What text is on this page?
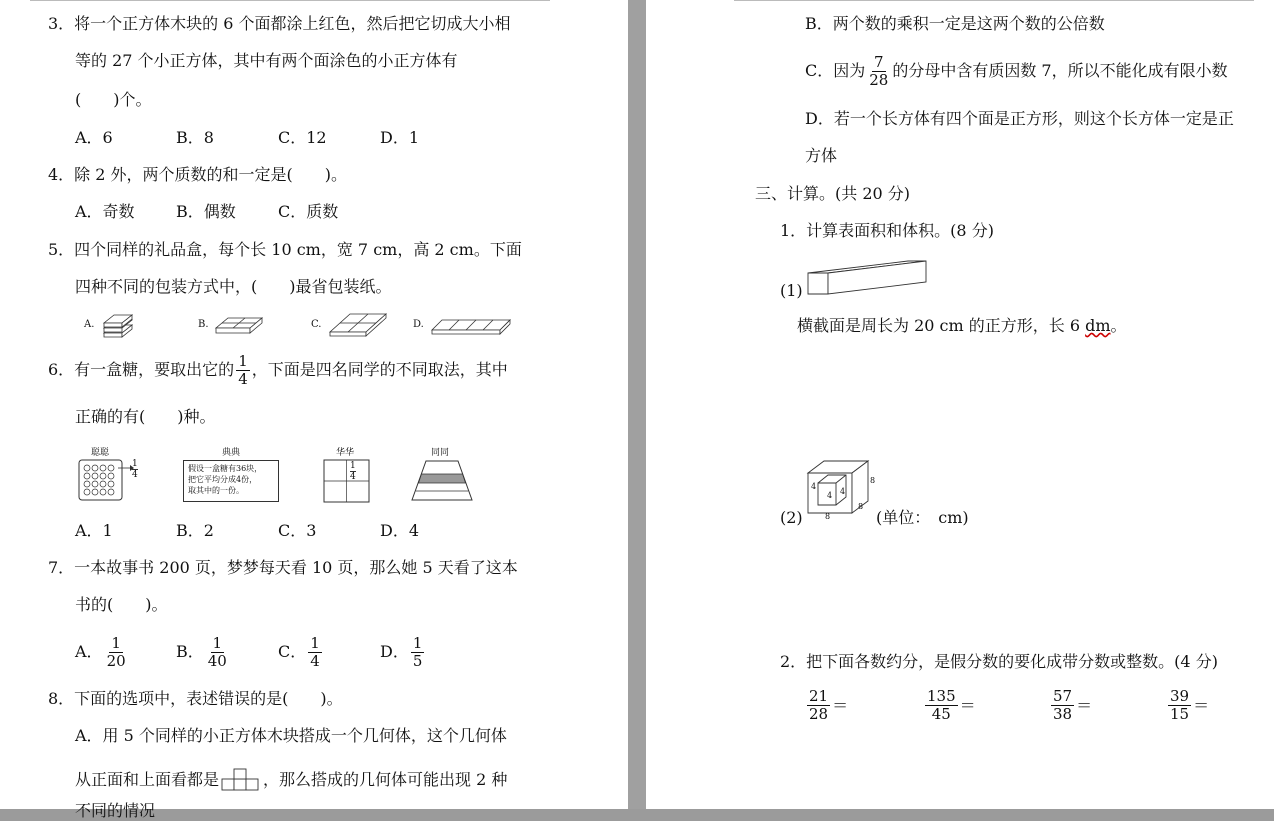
3．将一个正方体木块的 6 个面都涂上红色，然后把它切成大小相
等的 27 个小正方体，其中有两个面涂色的小正方体有
(　　)个。
A．6	B．8	C．12	D．1
4．除 2 外，两个质数的和一定是(　　)。
A．奇数	B．偶数	C．质数
5．四个同样的礼品盒，每个长 10 cm，宽 7 cm，高 2 cm。下面
四种不同的包装方式中，(　　)最省包装纸。
A.	B.	C.	D.
6．有一盒糖，要取出它的 $\frac{1}{4}$ ，下面是四名同学的不同取法，其中
正确的有(　　)种。
聪聪
$\frac{1}{4}$
典典
假设一盒糖有36块，
把它平均分成4份，
取其中的一份。
华华
$\frac{1}{4}$
同同
A．1	B．2	C．3	D．4
7．一本故事书 200 页，梦梦每天看 10 页，那么她 5 天看了这本
书的(　　)。
A． $\frac{1}{20}$	B． $\frac{1}{40}$	C． $\frac{1}{4}$	D． $\frac{1}{5}$
8．下面的选项中，表述错误的是(　　)。
A．用 5 个同样的小正方体木块搭成一个几何体，这个几何体
从正面和上面看都是	，那么搭成的几何体可能出现 2 种
不同的情况
B．两个数的乘积一定是这两个数的公倍数
C．因为 $\frac{7}{28}$ 的分母中含有质因数 7，所以不能化成有限小数
D．若一个长方体有四个面是正方形，则这个长方体一定是正
方体
三、计算。(共 20 分)
1．计算表面积和体积。(8 分)
(1)
横截面是周长为 20 cm 的正方形，长 6 dm。
(2)
4
4 4
8
8
8	(单位：　cm)
2．把下面各数约分，是假分数的要化成带分数或整数。(4 分)
$\frac{21}{28}$ ＝	$\frac{135}{45}$ ＝	$\frac{57}{38}$ ＝	$\frac{39}{15}$ ＝
